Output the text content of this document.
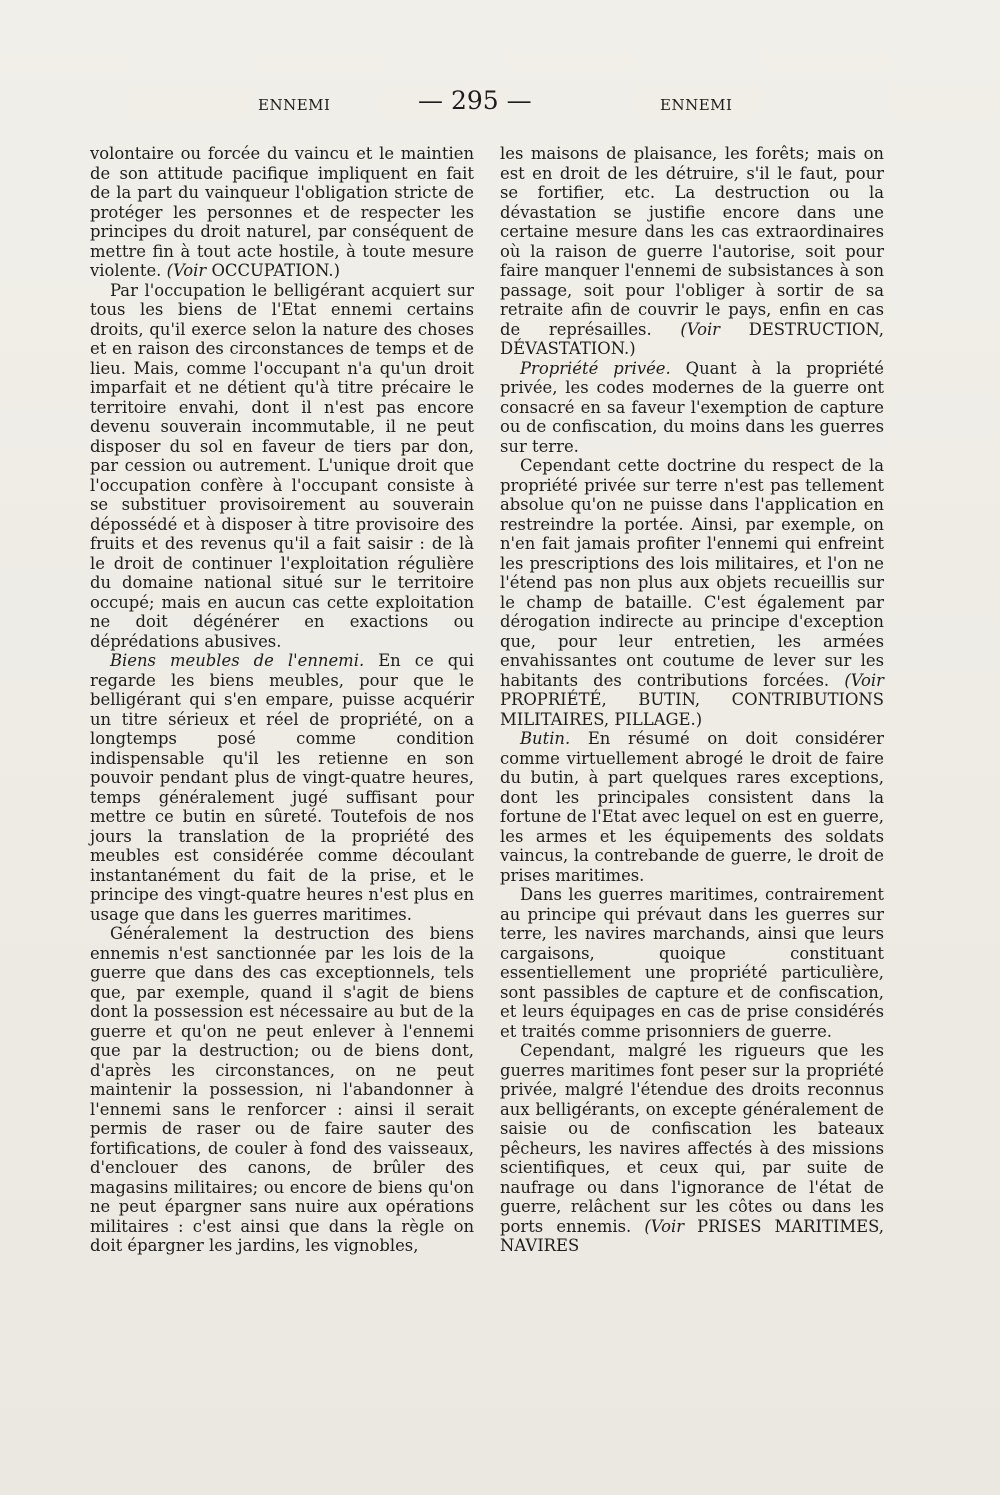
ENNEMI	— 295 —	ENNEMI

volontaire ou forcée du vaincu et le maintien de son attitude pacifique impliquent en fait de la part du vainqueur l'obligation stricte de protéger les personnes et de respecter les principes du droit naturel, par conséquent de mettre fin à tout acte hostile, à toute mesure violente. (Voir OCCUPATION.)

Par l'occupation le belligérant acquiert sur tous les biens de l'Etat ennemi certains droits, qu'il exerce selon la nature des choses et en raison des circonstances de temps et de lieu. Mais, comme l'occupant n'a qu'un droit imparfait et ne détient qu'à titre précaire le territoire envahi, dont il n'est pas encore devenu souverain incommutable, il ne peut disposer du sol en faveur de tiers par don, par cession ou autrement. L'unique droit que l'occupation confère à l'occupant consiste à se substituer provisoirement au souverain dépossédé et à disposer à titre provisoire des fruits et des revenus qu'il a fait saisir : de là le droit de continuer l'exploitation régulière du domaine national situé sur le territoire occupé; mais en aucun cas cette exploitation ne doit dégénérer en exactions ou déprédations abusives.

Biens meubles de l'ennemi. En ce qui regarde les biens meubles, pour que le belligérant qui s'en empare, puisse acquérir un titre sérieux et réel de propriété, on a longtemps posé comme condition indispensable qu'il les retienne en son pouvoir pendant plus de vingt-quatre heures, temps généralement jugé suffisant pour mettre ce butin en sûreté. Toutefois de nos jours la translation de la propriété des meubles est considérée comme découlant instantanément du fait de la prise, et le principe des vingt-quatre heures n'est plus en usage que dans les guerres maritimes.

Généralement la destruction des biens ennemis n'est sanctionnée par les lois de la guerre que dans des cas exceptionnels, tels que, par exemple, quand il s'agit de biens dont la possession est nécessaire au but de la guerre et qu'on ne peut enlever à l'ennemi que par la destruction; ou de biens dont, d'après les circonstances, on ne peut maintenir la possession, ni l'abandonner à l'ennemi sans le renforcer : ainsi il serait permis de raser ou de faire sauter des fortifications, de couler à fond des vaisseaux, d'enclouer des canons, de brûler des magasins militaires; ou encore de biens qu'on ne peut épargner sans nuire aux opérations militaires : c'est ainsi que dans la règle on doit épargner les jardins, les vignobles,

les maisons de plaisance, les forêts; mais on est en droit de les détruire, s'il le faut, pour se fortifier, etc. La destruction ou la dévastation se justifie encore dans une certaine mesure dans les cas extraordinaires où la raison de guerre l'autorise, soit pour faire manquer l'ennemi de subsistances à son passage, soit pour l'obliger à sortir de sa retraite afin de couvrir le pays, enfin en cas de représailles. (Voir DESTRUCTION, DÉVASTATION.)

Propriété privée. Quant à la propriété privée, les codes modernes de la guerre ont consacré en sa faveur l'exemption de capture ou de confiscation, du moins dans les guerres sur terre.

Cependant cette doctrine du respect de la propriété privée sur terre n'est pas tellement absolue qu'on ne puisse dans l'application en restreindre la portée. Ainsi, par exemple, on n'en fait jamais profiter l'ennemi qui enfreint les prescriptions des lois militaires, et l'on ne l'étend pas non plus aux objets recueillis sur le champ de bataille. C'est également par dérogation indirecte au principe d'exception que, pour leur entretien, les armées envahissantes ont coutume de lever sur les habitants des contributions forcées. (Voir PROPRIÉTÉ, BUTIN, CONTRIBUTIONS MILITAIRES, PILLAGE.)

Butin. En résumé on doit considérer comme virtuellement abrogé le droit de faire du butin, à part quelques rares exceptions, dont les principales consistent dans la fortune de l'Etat avec lequel on est en guerre, les armes et les équipements des soldats vaincus, la contrebande de guerre, le droit de prises maritimes.

Dans les guerres maritimes, contrairement au principe qui prévaut dans les guerres sur terre, les navires marchands, ainsi que leurs cargaisons, quoique constituant essentiellement une propriété particulière, sont passibles de capture et de confiscation, et leurs équipages en cas de prise considérés et traités comme prisonniers de guerre.

Cependant, malgré les rigueurs que les guerres maritimes font peser sur la propriété privée, malgré l'étendue des droits reconnus aux belligérants, on excepte généralement de saisie ou de confiscation les bateaux pêcheurs, les navires affectés à des missions scientifiques, et ceux qui, par suite de naufrage ou dans l'ignorance de l'état de guerre, relâchent sur les côtes ou dans les ports ennemis. (Voir PRISES MARITIMES, NAVIRES
